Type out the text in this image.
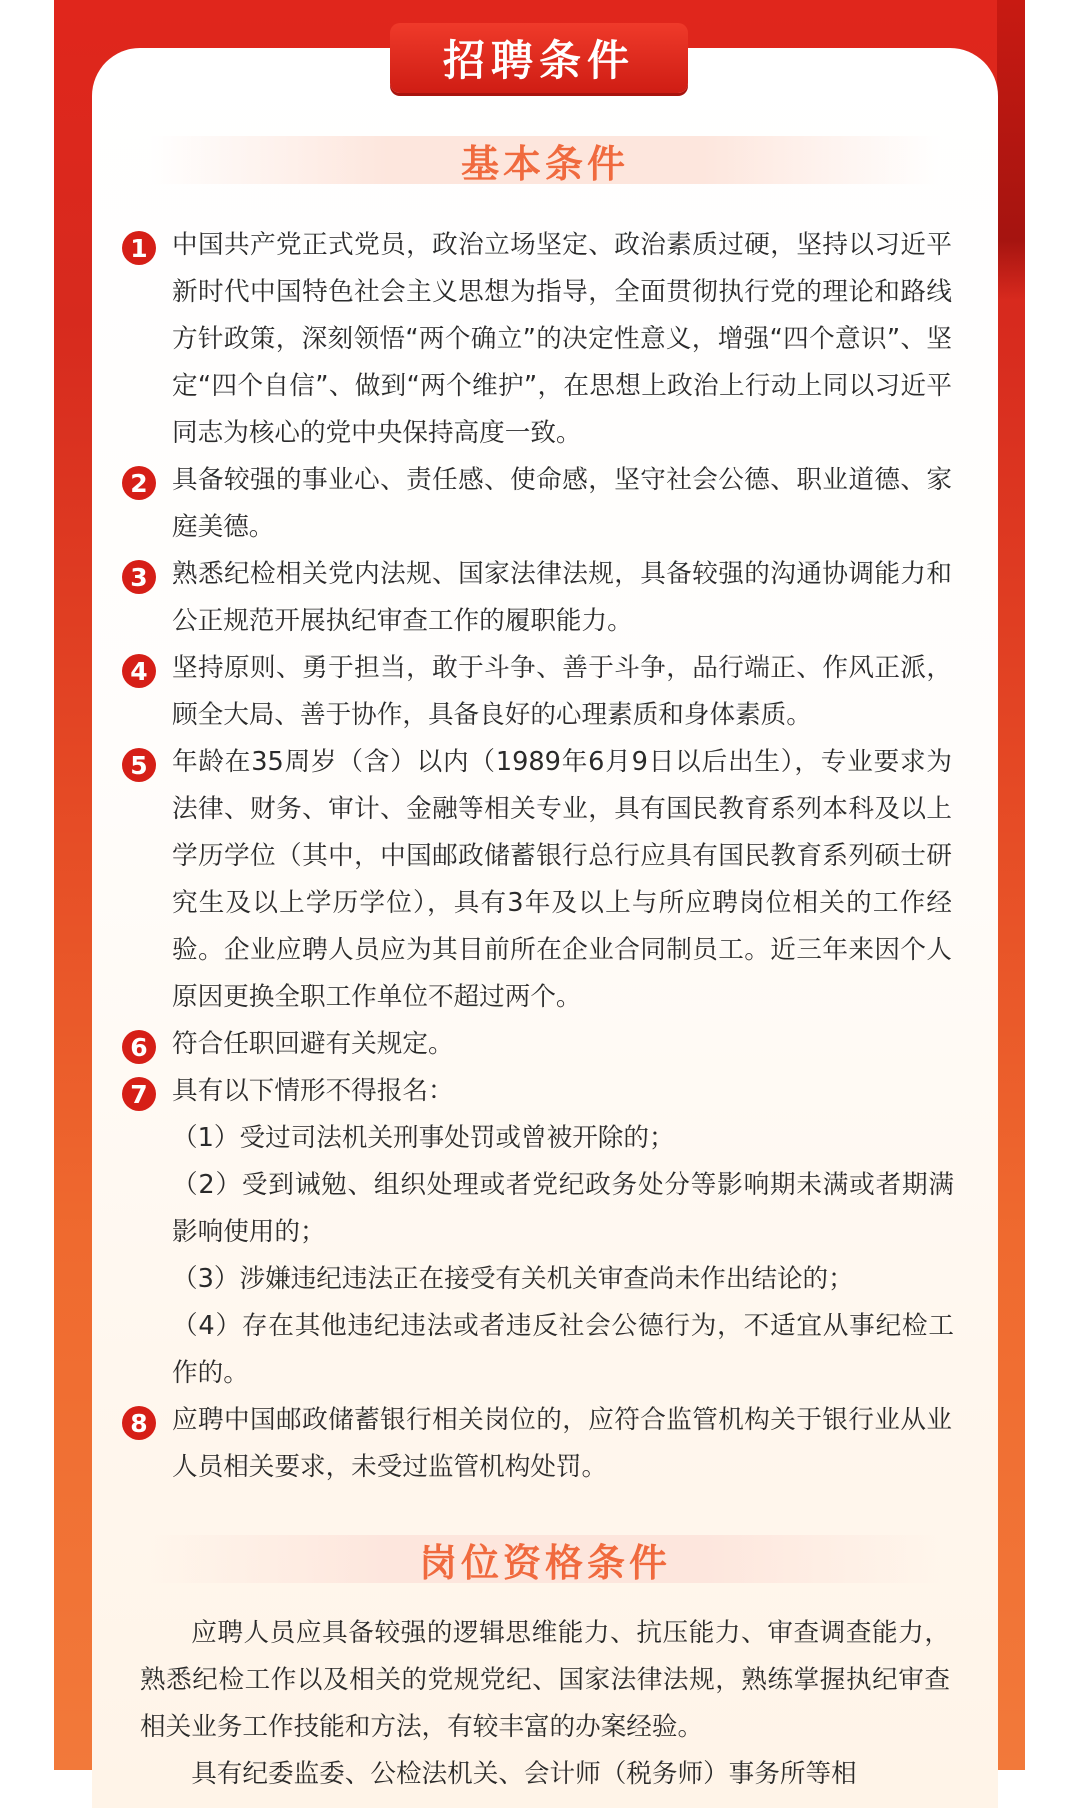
招聘条件
基本条件
1 中国共产党正式党员，政治立场坚定、政治素质过硬，坚持以习近平新时代中国特色社会主义思想为指导，全面贯彻执行党的理论和路线方针政策，深刻领悟“两个确立”的决定性意义，增强“四个意识”、坚定“四个自信”、做到“两个维护”，在思想上政治上行动上同以习近平同志为核心的党中央保持高度一致。
2 具备较强的事业心、责任感、使命感，坚守社会公德、职业道德、家庭美德。
3 熟悉纪检相关党内法规、国家法律法规，具备较强的沟通协调能力和公正规范开展执纪审查工作的履职能力。
4 坚持原则、勇于担当，敢于斗争、善于斗争，品行端正、作风正派，顾全大局、善于协作，具备良好的心理素质和身体素质。
5 年龄在35周岁（含）以内（1989年6月9日以后出生），专业要求为法律、财务、审计、金融等相关专业，具有国民教育系列本科及以上学历学位（其中，中国邮政储蓄银行总行应具有国民教育系列硕士研究生及以上学历学位），具有3年及以上与所应聘岗位相关的工作经验。企业应聘人员应为其目前所在企业合同制员工。近三年来因个人原因更换全职工作单位不超过两个。
6 符合任职回避有关规定。
7 具有以下情形不得报名：
（1）受过司法机关刑事处罚或曾被开除的；
（2）受到诫勉、组织处理或者党纪政务处分等影响期未满或者期满影响使用的；
（3）涉嫌违纪违法正在接受有关机关审查尚未作出结论的；
（4）存在其他违纪违法或者违反社会公德行为，不适宜从事纪检工作的。
8 应聘中国邮政储蓄银行相关岗位的，应符合监管机构关于银行业从业人员相关要求，未受过监管机构处罚。
岗位资格条件
应聘人员应具备较强的逻辑思维能力、抗压能力、审查调查能力，熟悉纪检工作以及相关的党规党纪、国家法律法规，熟练掌握执纪审查相关业务工作技能和方法，有较丰富的办案经验。
具有纪委监委、公检法机关、会计师（税务师）事务所等相
